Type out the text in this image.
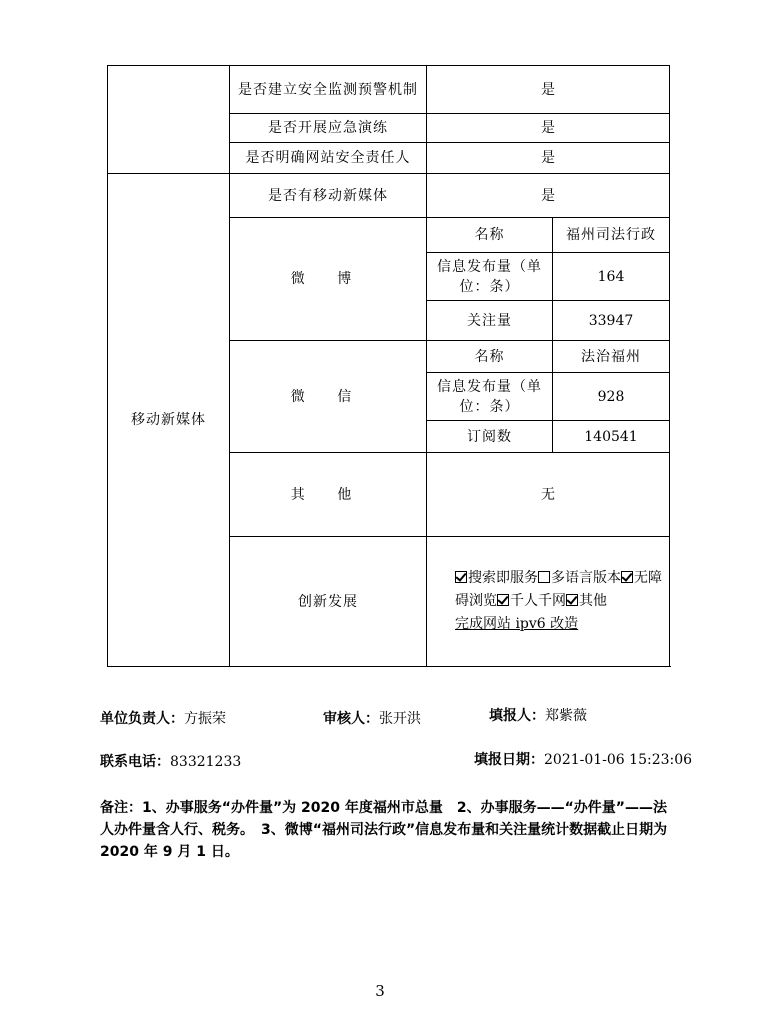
	是否建立安全监测预警机制	是	
	是否开展应急演练	是	
	是否明确网站安全责任人	是	
移动新媒体	是否有移动新媒体	是	
	微 博	名称	福州司法行政
		信息发布量（单位：条）	164
		关注量	33947
	微 信	名称	法治福州
		信息发布量（单位：条）	928
		订阅数	140541
	其 他	无	
	创新发展	搜索即服务 多语言版本 无障碍浏览 千人千网 其他
完成网站 ipv6 改造	
单位负责人：方振荣	审核人：张开洪	填报人：郑紫薇
联系电话：83321233	填报日期：2021-01-06 15:23:06
备注：1、办事服务“办件量”为 2020 年度福州市总量　2、办事服务——“办件量”——法人办件量含人行、税务。　3、微博“福州司法行政”信息发布量和关注量统计数据截止日期为 2020 年 9 月 1 日。
3
